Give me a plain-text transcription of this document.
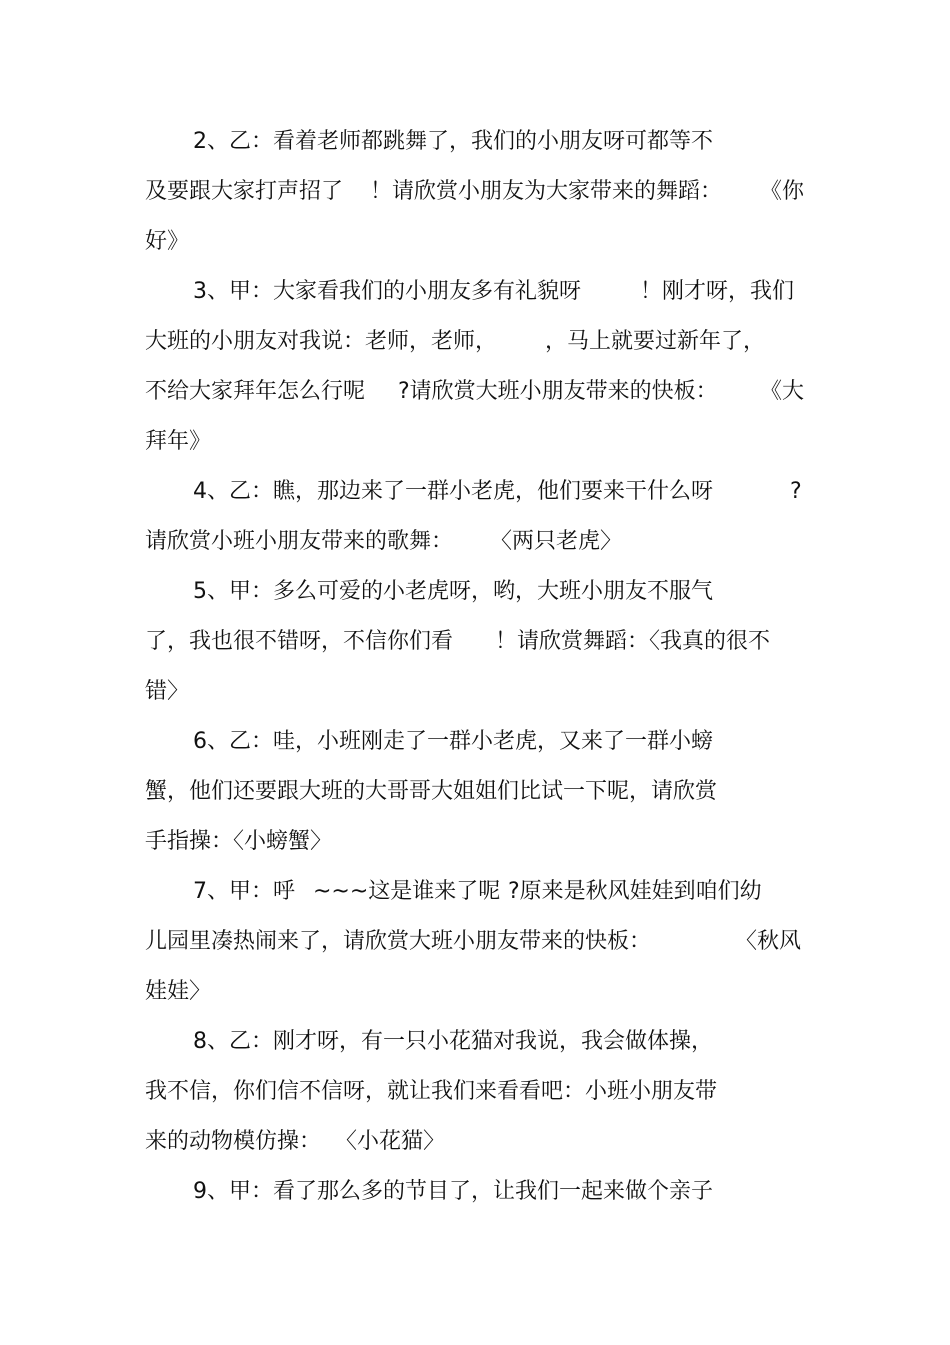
2、乙：看着老师都跳舞了，我们的小朋友呀可都等不
及要跟大家打声招了 ！请欣赏小朋友为大家带来的舞蹈： 《你
好》
3、甲：大家看我们的小朋友多有礼貌呀	！刚才呀，我们
大班的小朋友对我说：老师，老师， ，马上就要过新年了，
不给大家拜年怎么行呢 ?请欣赏大班小朋友带来的快板： 《大
拜年》
4、乙：瞧，那边来了一群小老虎，他们要来干什么呀	?
请欣赏小班小朋友带来的歌舞： 〈两只老虎〉
5、甲：多么可爱的小老虎呀，哟，大班小朋友不服气
了，我也很不错呀，不信你们看 ！请欣赏舞蹈：〈我真的很不
错〉
6、乙：哇，小班刚走了一群小老虎，又来了一群小螃
蟹，他们还要跟大班的大哥哥大姐姐们比试一下呢，请欣赏
手指操：〈小螃蟹〉
7、甲：呼 ~~~这是谁来了呢 ?原来是秋风娃娃到咱们幼
儿园里凑热闹来了，请欣赏大班小朋友带来的快板：	〈秋风
娃娃〉
8、乙：刚才呀，有一只小花猫对我说，我会做体操，
我不信，你们信不信呀，就让我们来看看吧：小班小朋友带
来的动物模仿操： 〈小花猫〉
9、甲：看了那么多的节目了，让我们一起来做个亲子
